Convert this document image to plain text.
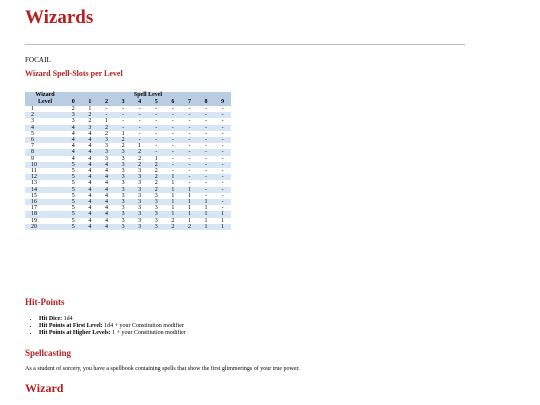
Wizards
FOCAIL
Wizard Spell-Slots per Level
Wizard	Spell Level									
Level	0	1	2	3	4	5	6	7	8	9
1	2	1	-	-	-	-	-	-	-	-
2	3	2	-	-	-	-	-	-	-	-
3	3	2	1	-	-	-	-	-	-	-
4	4	3	2	-	-	-	-	-	-	-
5	4	4	2	1	-	-	-	-	-	-
6	4	4	3	2	-	-	-	-	-	-
7	4	4	3	2	1	-	-	-	-	-
8	4	4	3	3	2	-	-	-	-	-
9	4	4	3	3	2	1	-	-	-	-
10	5	4	4	3	2	2	-	-	-	-
11	5	4	4	3	3	2	-	-	-	-
12	5	4	4	3	3	2	1	-	-	-
13	5	4	4	3	3	2	1	-	-	-
14	5	4	4	3	3	2	1	1	-	-
15	5	4	4	3	3	3	1	1	-	-
16	5	4	4	3	3	3	1	1	1	-
17	5	4	4	3	3	3	1	1	1	-
18	5	4	4	3	3	3	1	1	1	1
19	5	4	4	3	3	3	2	1	1	1
20	5	4	4	3	3	3	2	2	1	1
Hit-Points
• Hit Dice: 1d4
• Hit Points at First Level: 1d4 + your Constitution modifier
• Hit Points at Higher Levels: 1 + your Constitution modifier
Spellcasting
As a student of sorcery, you have a spellbook containing spells that show the first glimmerings of your true power.
Wizard
